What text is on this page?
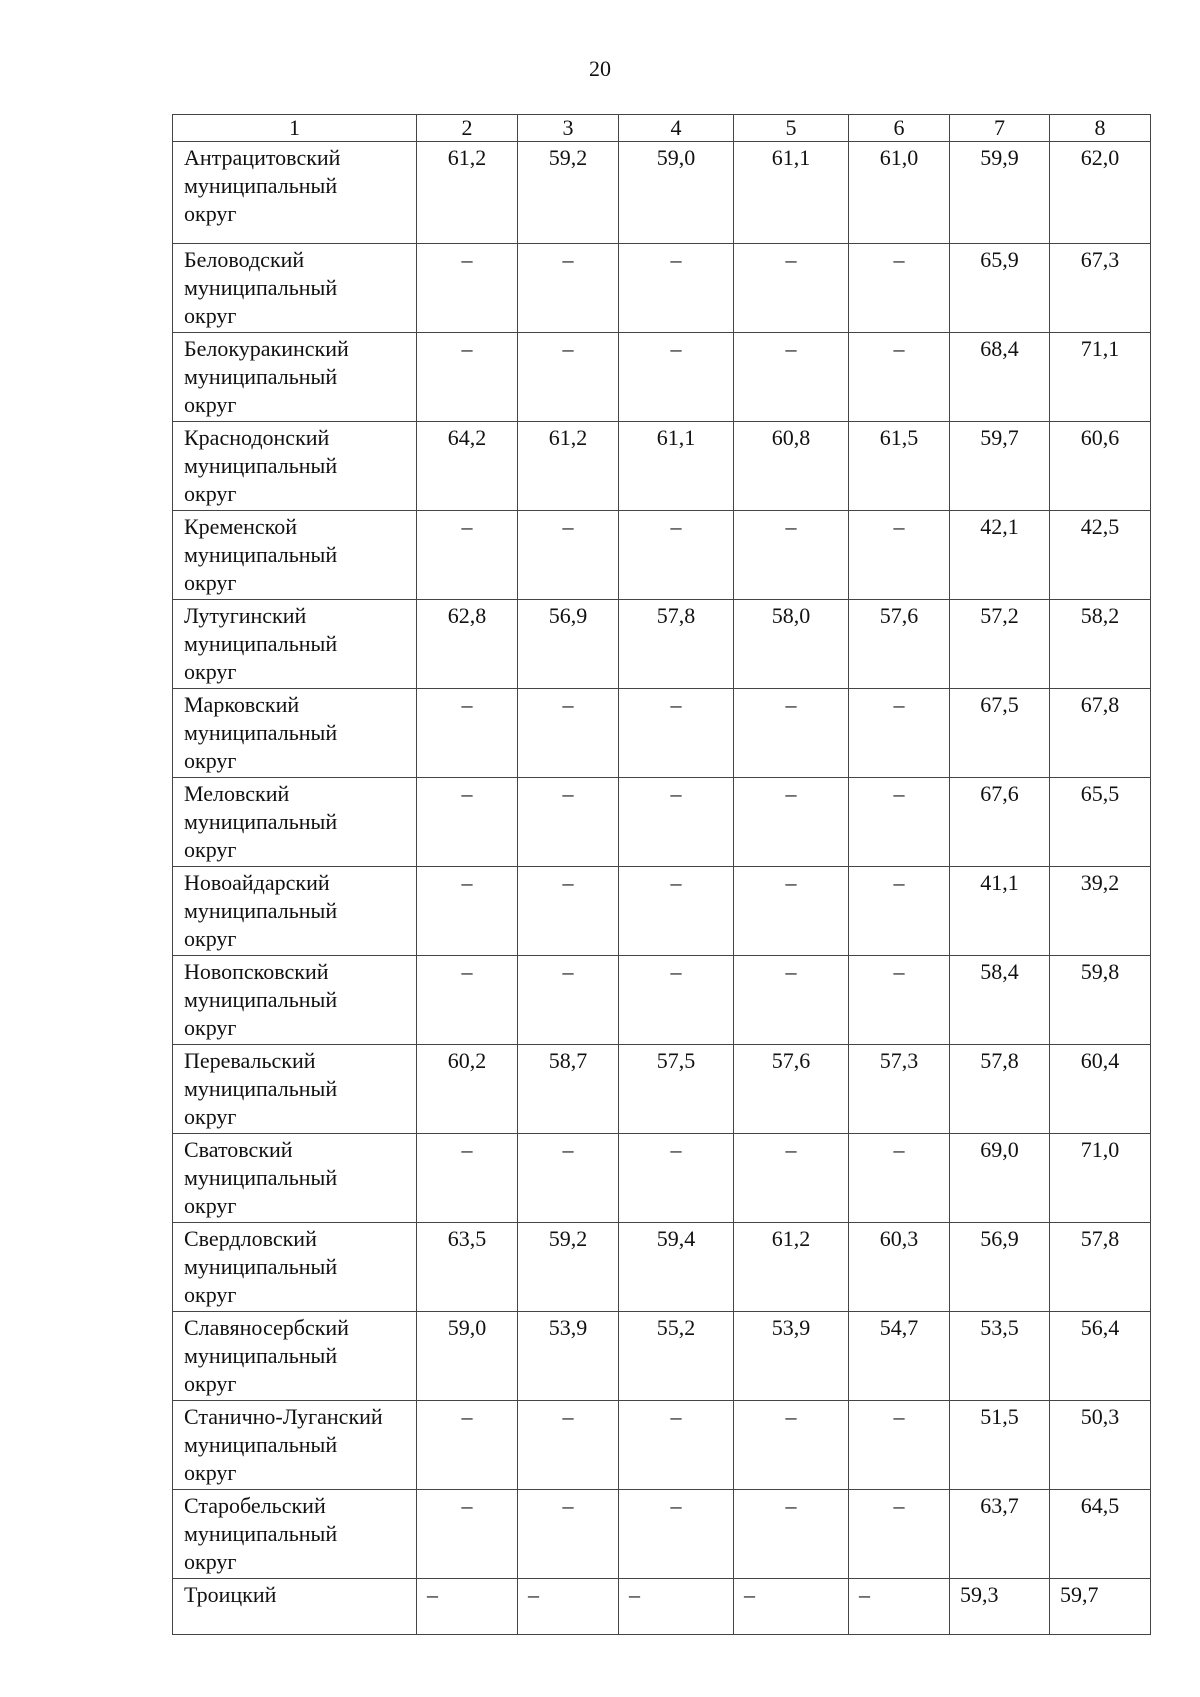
20
1	2	3	4	5	6	7	8

Антрацитовский
муниципальный
округ	61,2	59,2	59,0	61,1	61,0	59,9	62,0

Беловодский
муниципальный
округ	–	–	–	–	–	65,9	67,3

Белокуракинский
муниципальный
округ	–	–	–	–	–	68,4	71,1

Краснодонский
муниципальный
округ	64,2	61,2	61,1	60,8	61,5	59,7	60,6

Кременской
муниципальный
округ	–	–	–	–	–	42,1	42,5

Лутугинский
муниципальный
округ	62,8	56,9	57,8	58,0	57,6	57,2	58,2

Марковский
муниципальный
округ	–	–	–	–	–	67,5	67,8

Меловский
муниципальный
округ	–	–	–	–	–	67,6	65,5

Новоайдарский
муниципальный
округ	–	–	–	–	–	41,1	39,2

Новопсковский
муниципальный
округ	–	–	–	–	–	58,4	59,8

Перевальский
муниципальный
округ	60,2	58,7	57,5	57,6	57,3	57,8	60,4

Сватовский
муниципальный
округ	–	–	–	–	–	69,0	71,0

Свердловский
муниципальный
округ	63,5	59,2	59,4	61,2	60,3	56,9	57,8

Славяносербский
муниципальный
округ	59,0	53,9	55,2	53,9	54,7	53,5	56,4

Станично-Луганский
муниципальный
округ	–	–	–	–	–	51,5	50,3

Старобельский
муниципальный
округ	–	–	–	–	–	63,7	64,5

Троицкий	–	–	–	–	–	59,3	59,7
